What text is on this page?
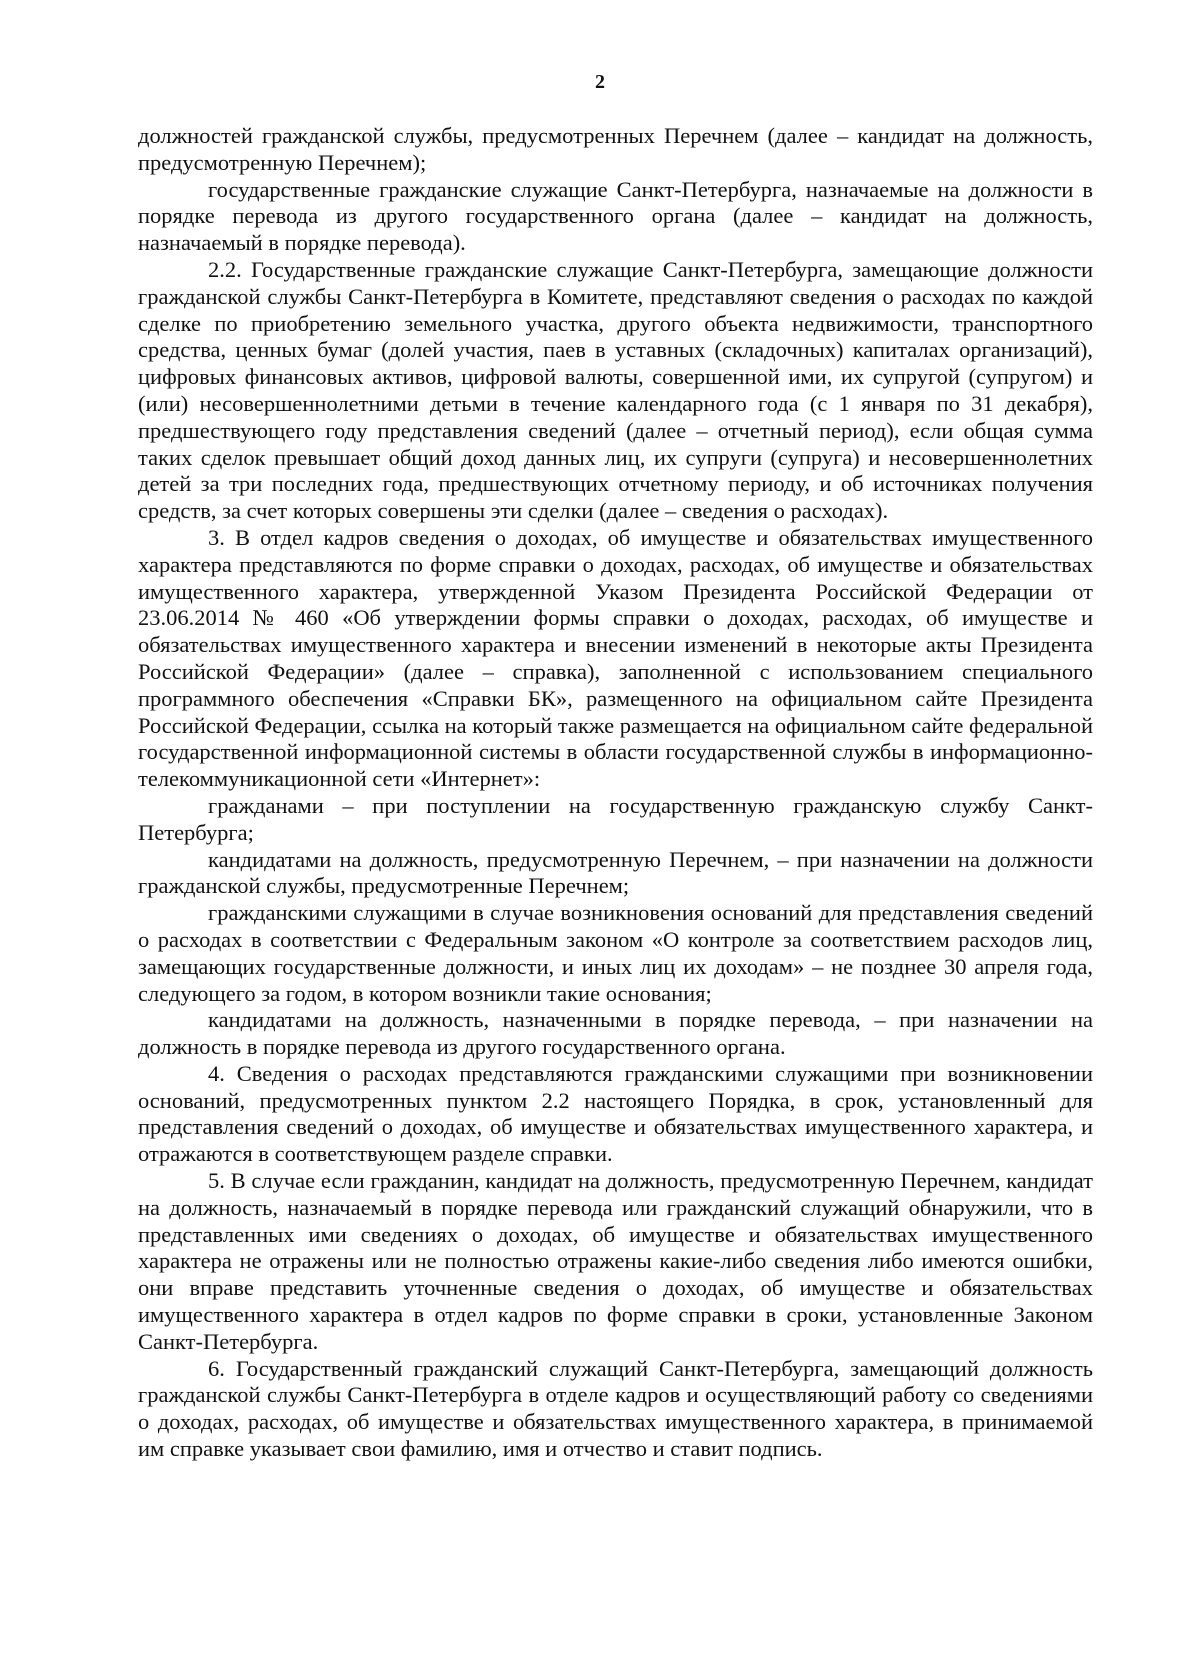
2

должностей гражданской службы, предусмотренных Перечнем (далее – кандидат на должность, предусмотренную Перечнем);

государственные гражданские служащие Санкт-Петербурга, назначаемые на должности в порядке перевода из другого государственного органа (далее – кандидат на должность, назначаемый в порядке перевода).

2.2. Государственные гражданские служащие Санкт-Петербурга, замещающие должности гражданской службы Санкт-Петербурга в Комитете, представляют сведения о расходах по каждой сделке по приобретению земельного участка, другого объекта недвижимости, транспортного средства, ценных бумаг (долей участия, паев в уставных (складочных) капиталах организаций), цифровых финансовых активов, цифровой валюты, совершенной ими, их супругой (супругом) и (или) несовершеннолетними детьми в течение календарного года (с 1 января по 31 декабря), предшествующего году представления сведений (далее – отчетный период), если общая сумма таких сделок превышает общий доход данных лиц, их супруги (супруга) и несовершеннолетних детей за три последних года, предшествующих отчетному периоду, и об источниках получения средств, за счет которых совершены эти сделки (далее – сведения о расходах).

3. В отдел кадров сведения о доходах, об имуществе и обязательствах имущественного характера представляются по форме справки о доходах, расходах, об имуществе и обязательствах имущественного характера, утвержденной Указом Президента Российской Федерации от 23.06.2014 № 460 «Об утверждении формы справки о доходах, расходах, об имуществе и обязательствах имущественного характера и внесении изменений в некоторые акты Президента Российской Федерации» (далее – справка), заполненной с использованием специального программного обеспечения «Справки БК», размещенного на официальном сайте Президента Российской Федерации, ссылка на который также размещается на официальном сайте федеральной государственной информационной системы в области государственной службы в информационно-телекоммуникационной сети «Интернет»:

гражданами – при поступлении на государственную гражданскую службу Санкт-Петербурга;

кандидатами на должность, предусмотренную Перечнем, – при назначении на должности гражданской службы, предусмотренные Перечнем;

гражданскими служащими в случае возникновения оснований для представления сведений о расходах в соответствии с Федеральным законом «О контроле за соответствием расходов лиц, замещающих государственные должности, и иных лиц их доходам» – не позднее 30 апреля года, следующего за годом, в котором возникли такие основания;

кандидатами на должность, назначенными в порядке перевода, – при назначении на должность в порядке перевода из другого государственного органа.

4. Сведения о расходах представляются гражданскими служащими при возникновении оснований, предусмотренных пунктом 2.2 настоящего Порядка, в срок, установленный для представления сведений о доходах, об имуществе и обязательствах имущественного характера, и отражаются в соответствующем разделе справки.

5. В случае если гражданин, кандидат на должность, предусмотренную Перечнем, кандидат на должность, назначаемый в порядке перевода или гражданский служащий обнаружили, что в представленных ими сведениях о доходах, об имуществе и обязательствах имущественного характера не отражены или не полностью отражены какие-либо сведения либо имеются ошибки, они вправе представить уточненные сведения о доходах, об имуществе и обязательствах имущественного характера в отдел кадров по форме справки в сроки, установленные Законом Санкт-Петербурга.

6. Государственный гражданский служащий Санкт-Петербурга, замещающий должность гражданской службы Санкт-Петербурга в отделе кадров и осуществляющий работу со сведениями о доходах, расходах, об имуществе и обязательствах имущественного характера, в принимаемой им справке указывает свои фамилию, имя и отчество и ставит подпись.
